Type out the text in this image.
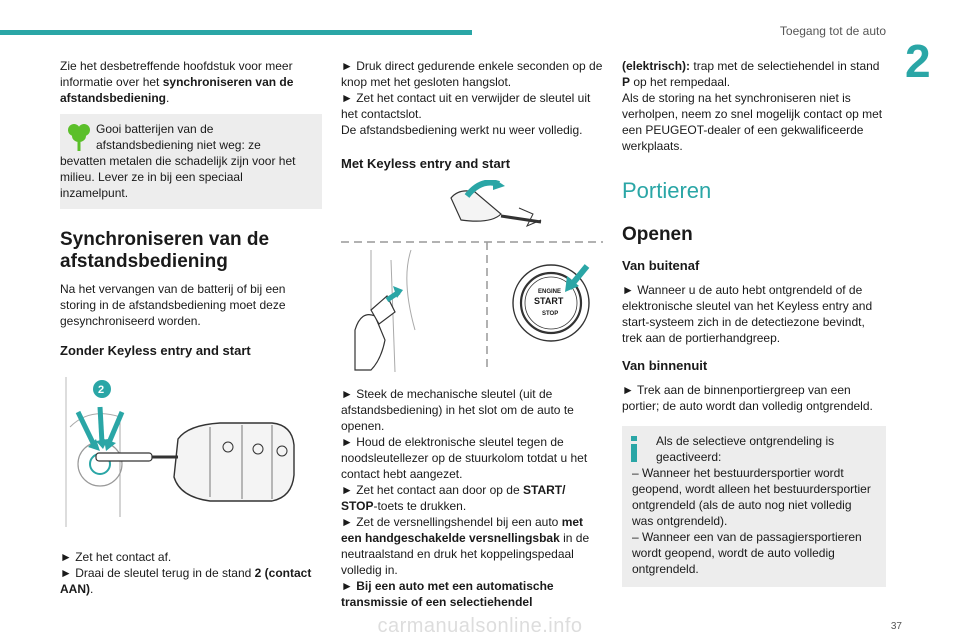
Toegang tot de auto
2

Zie het desbetreffende hoofdstuk voor meer informatie over het synchroniseren van de afstandsbediening.

Gooi batterijen van de

afstandsbediening niet weg: ze

bevatten metalen die schadelijk zijn voor het milieu. Lever ze in bij een speciaal inzamelpunt.

Synchroniseren van de afstandsbediening

Na het vervangen van de batterij of bij een storing in de afstandsbediening moet deze gesynchroniseerd worden.

Zonder Keyless entry and start
2

► Zet het contact af.

► Draai de sleutel terug in de stand 2 (contact AAN).

► Druk direct gedurende enkele seconden op de knop met het gesloten hangslot.

► Zet het contact uit en verwijder de sleutel uit het contactslot.

De afstandsbediening werkt nu weer volledig.

Met Keyless entry and start
ENGINE
START
STOP

► Steek de mechanische sleutel (uit de afstandsbediening) in het slot om de auto te openen.

► Houd de elektronische sleutel tegen de noodsleutellezer op de stuurkolom totdat u het contact hebt aangezet.

► Zet het contact aan door op de START/ STOP-toets te drukken.

► Zet de versnellingshendel bij een auto met een handgeschakelde versnellingsbak in de neutraalstand en druk het koppelingspedaal volledig in.

► Bij een auto met een automatische transmissie of een selectiehendel

(elektrisch): trap met de selectiehendel in stand P op het rempedaal.

Als de storing na het synchroniseren niet is verholpen, neem zo snel mogelijk contact op met een PEUGEOT-dealer of een gekwalificeerde werkplaats.

Portieren
Openen
Van buitenaf

► Wanneer u de auto hebt ontgrendeld of de elektronische sleutel van het Keyless entry and start-systeem zich in de detectiezone bevindt, trek aan de portierhandgreep.

Van binnenuit

► Trek aan de binnenportiergreep van een portier; de auto wordt dan volledig ontgrendeld.

Als de selectieve ontgrendeling is

geactiveerd:

– Wanneer het bestuurdersportier wordt geopend, wordt alleen het bestuurdersportier ontgrendeld (als de auto nog niet volledig was ontgrendeld).

– Wanneer een van de passagiersportieren wordt geopend, wordt de auto volledig ontgrendeld.

carmanualsonline.info	37
